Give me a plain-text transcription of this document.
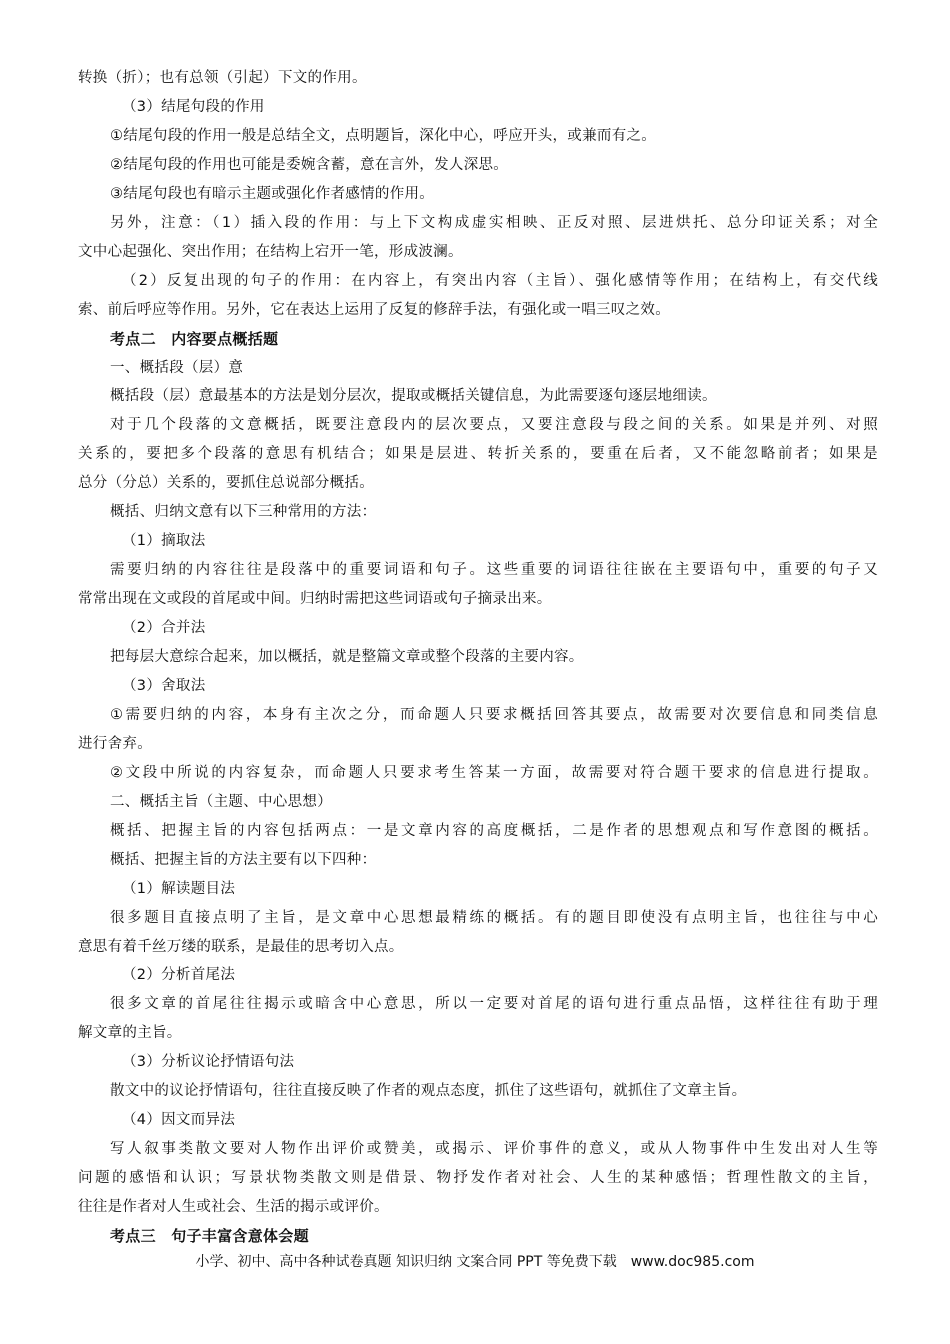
转换（折）；也有总领（引起）下文的作用。
（3）结尾句段的作用
①结尾句段的作用一般是总结全文，点明题旨，深化中心，呼应开头，或兼而有之。
②结尾句段的作用也可能是委婉含蓄，意在言外，发人深思。
③结尾句段也有暗示主题或强化作者感情的作用。
另外，注意：（1）插入段的作用：与上下文构成虚实相映、正反对照、层进烘托、总分印证关系；对全
文中心起强化、突出作用；在结构上宕开一笔，形成波澜。
（2）反复出现的句子的作用：在内容上，有突出内容（主旨）、强化感情等作用；在结构上，有交代线
索、前后呼应等作用。另外，它在表达上运用了反复的修辞手法，有强化或一唱三叹之效。
考点二　内容要点概括题
一、概括段（层）意
概括段（层）意最基本的方法是划分层次，提取或概括关键信息，为此需要逐句逐层地细读。
对于几个段落的文意概括，既要注意段内的层次要点，又要注意段与段之间的关系。如果是并列、对照
关系的，要把多个段落的意思有机结合；如果是层进、转折关系的，要重在后者，又不能忽略前者；如果是
总分（分总）关系的，要抓住总说部分概括。
概括、归纳文意有以下三种常用的方法：
（1）摘取法
需要归纳的内容往往是段落中的重要词语和句子。这些重要的词语往往嵌在主要语句中，重要的句子又
常常出现在文或段的首尾或中间。归纳时需把这些词语或句子摘录出来。
（2）合并法
把每层大意综合起来，加以概括，就是整篇文章或整个段落的主要内容。
（3）舍取法
①需要归纳的内容，本身有主次之分，而命题人只要求概括回答其要点，故需要对次要信息和同类信息
进行舍弃。
②文段中所说的内容复杂，而命题人只要求考生答某一方面，故需要对符合题干要求的信息进行提取。
二、概括主旨（主题、中心思想）
概括、把握主旨的内容包括两点：一是文章内容的高度概括，二是作者的思想观点和写作意图的概括。
概括、把握主旨的方法主要有以下四种：
（1）解读题目法
很多题目直接点明了主旨，是文章中心思想最精练的概括。有的题目即使没有点明主旨，也往往与中心
意思有着千丝万缕的联系，是最佳的思考切入点。
（2）分析首尾法
很多文章的首尾往往揭示或暗含中心意思，所以一定要对首尾的语句进行重点品悟，这样往往有助于理
解文章的主旨。
（3）分析议论抒情语句法
散文中的议论抒情语句，往往直接反映了作者的观点态度，抓住了这些语句，就抓住了文章主旨。
（4）因文而异法
写人叙事类散文要对人物作出评价或赞美，或揭示、评价事件的意义，或从人物事件中生发出对人生等
问题的感悟和认识；写景状物类散文则是借景、物抒发作者对社会、人生的某种感悟；哲理性散文的主旨，
往往是作者对人生或社会、生活的揭示或评价。
考点三　句子丰富含意体会题
小学、初中、高中各种试卷真题 知识归纳 文案合同 PPT 等免费下载　www.doc985.com
